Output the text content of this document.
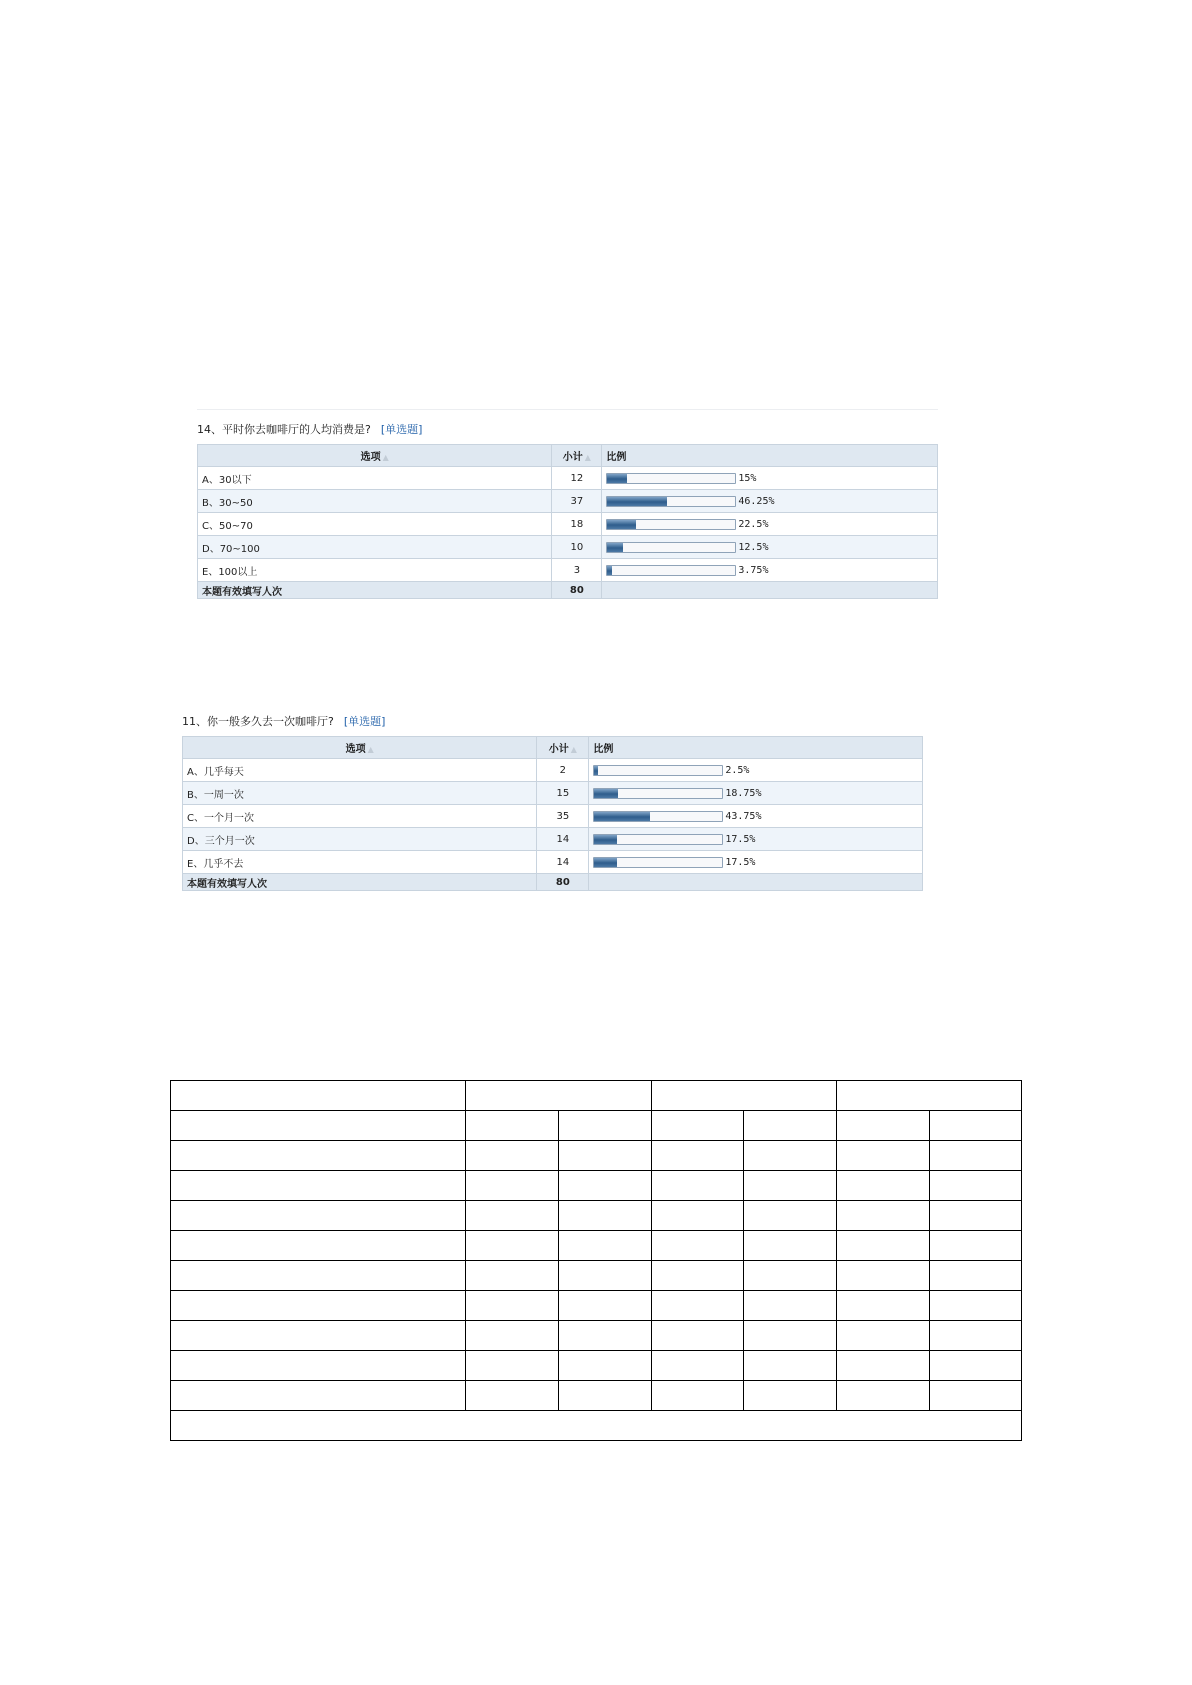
14、平时你去咖啡厅的人均消费是? [单选题]
选项 ▲	小计 ▲	比例
A、30以下	12	15%

B、30~50	37	46.25%

C、50~70	18	22.5%

D、70~100	10	12.5%

E、100以上	3	3.75%

本题有效填写人次	80	
11、你一般多久去一次咖啡厅? [单选题]
选项 ▲	小计 ▲	比例
A、几乎每天	2	2.5%

B、一周一次	15	18.75%

C、一个月一次	35	43.75%

D、三个月一次	14	17.5%

E、几乎不去	14	17.5%

本题有效填写人次	80	
